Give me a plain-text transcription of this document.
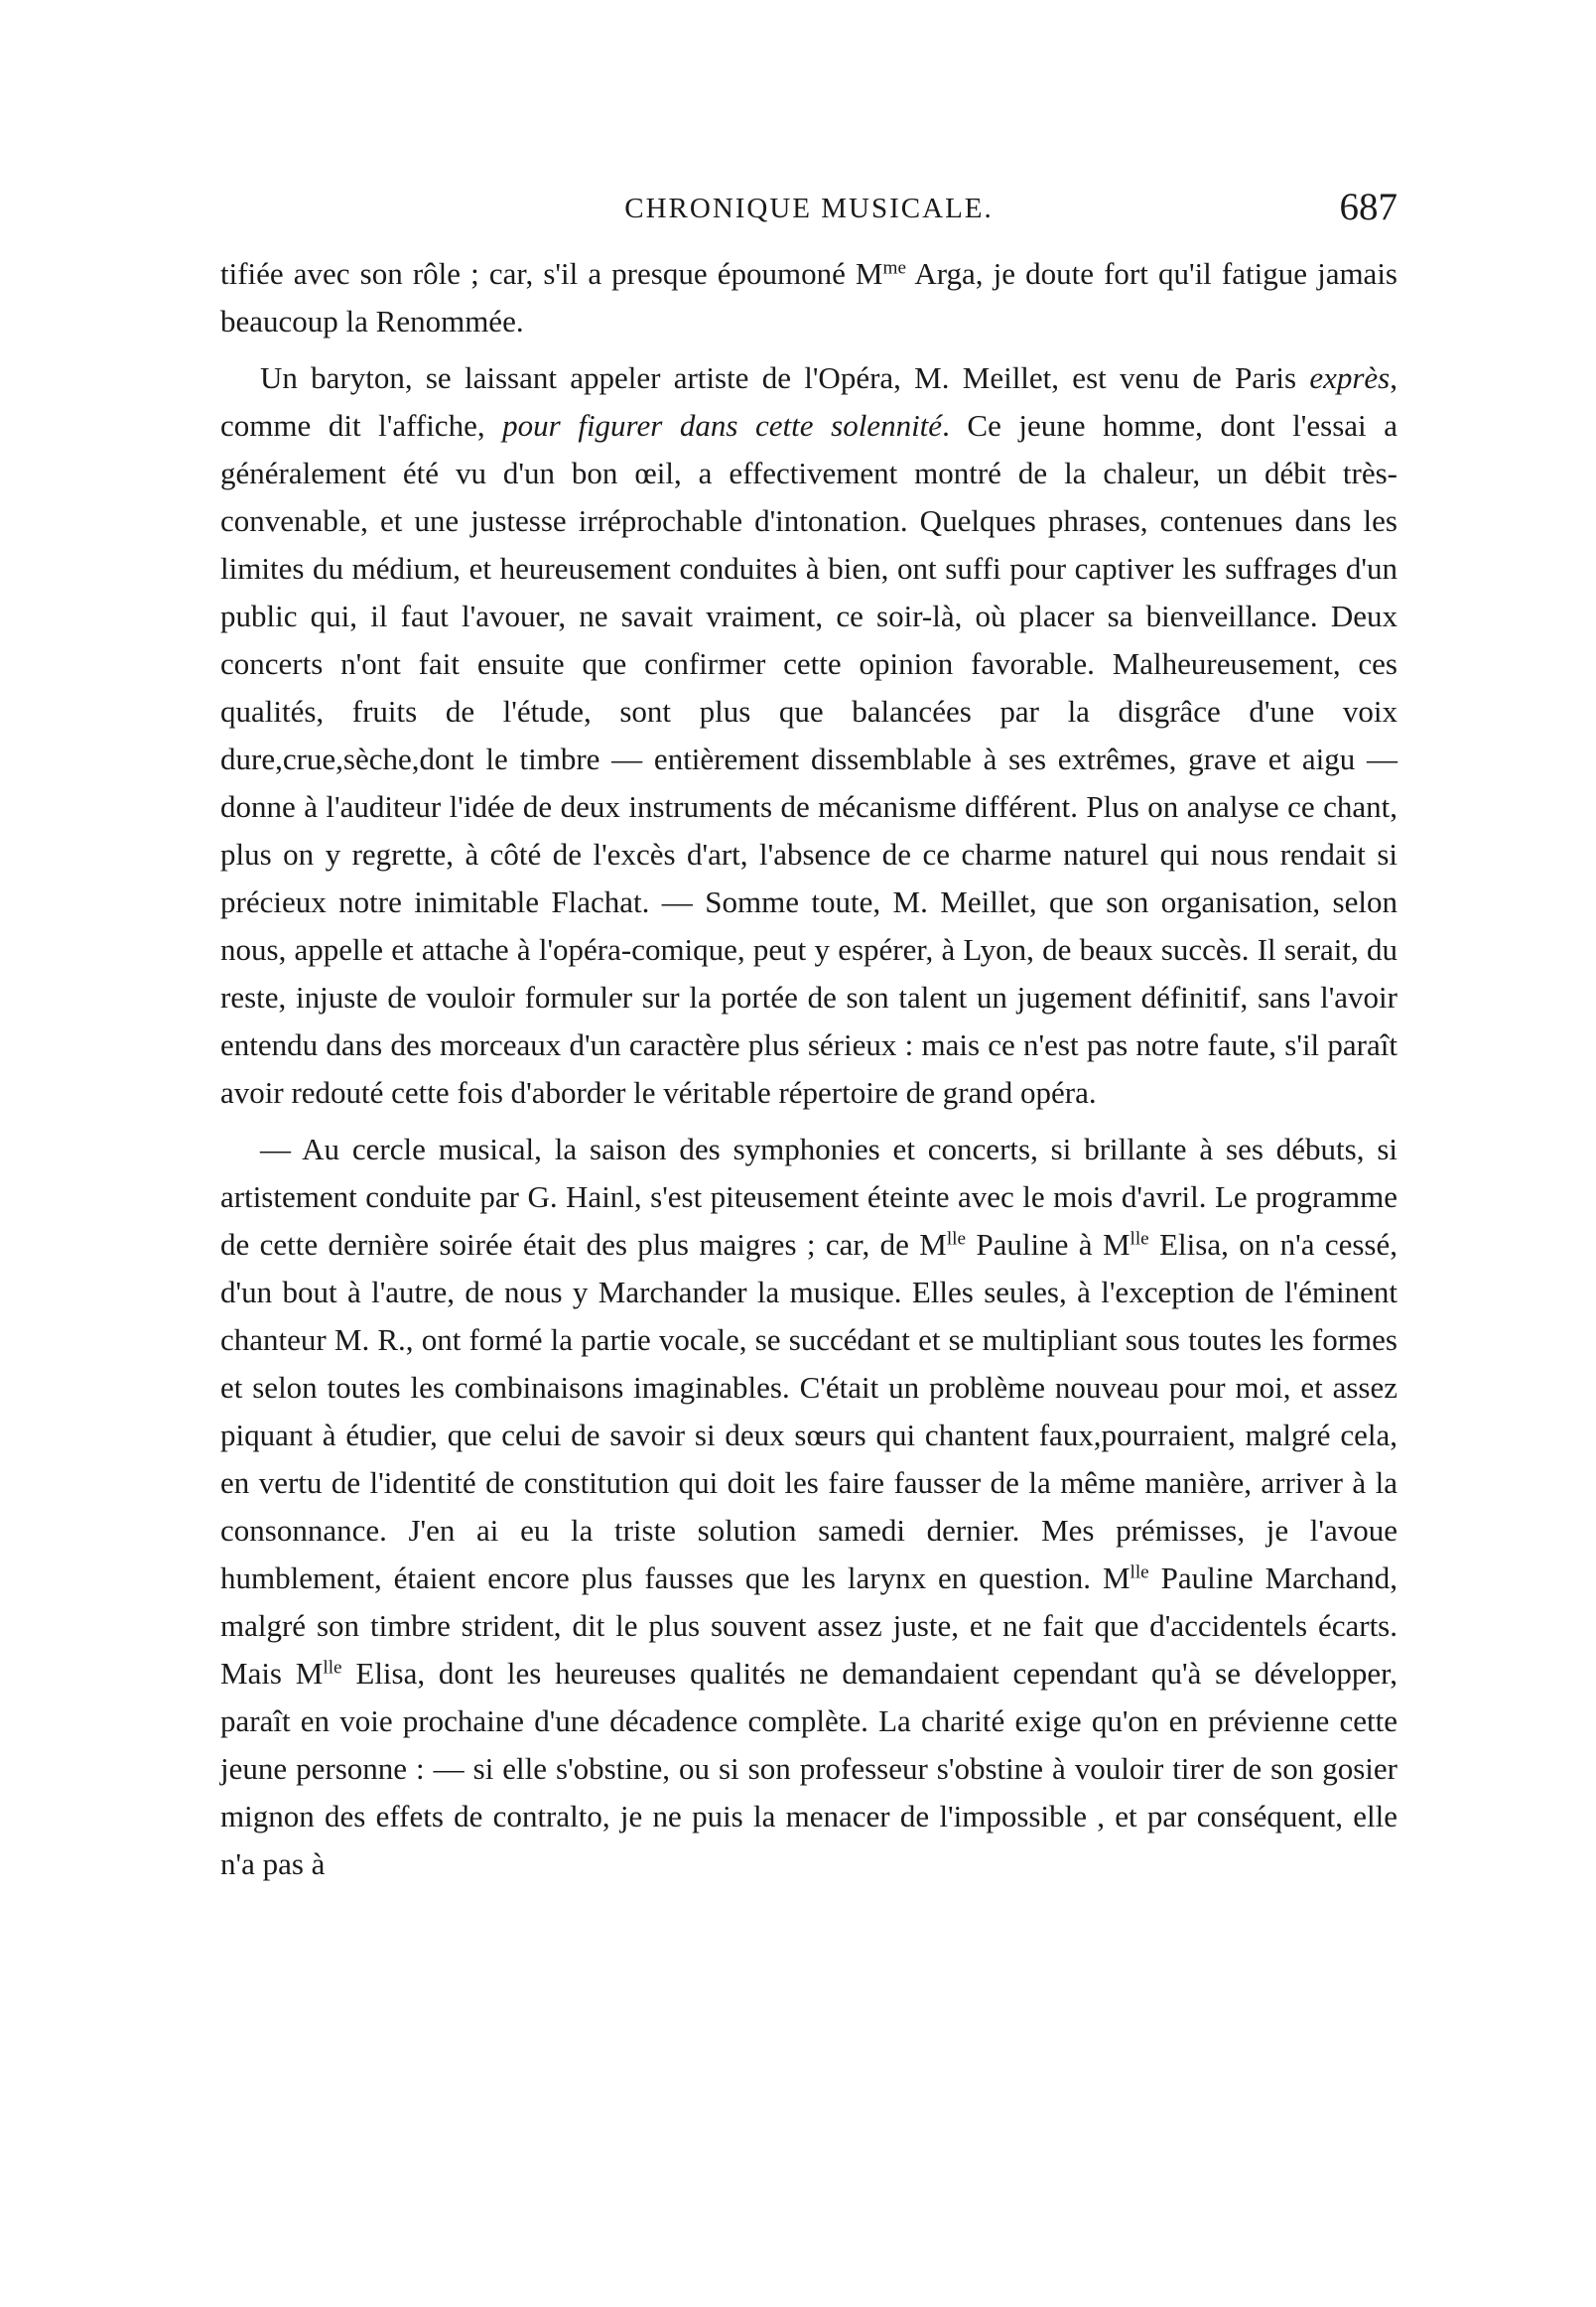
CHRONIQUE MUSICALE.	687

tifiée avec son rôle ; car, s'il a presque époumoné $M^{me}$ Arga, je doute fort qu'il fatigue jamais beaucoup la Renommée.

Un baryton, se laissant appeler artiste de l'Opéra, M. Meillet, est venu de Paris exprès, comme dit l'affiche, pour figurer dans cette solennité. Ce jeune homme, dont l'essai a généralement été vu d'un bon œil, a effectivement montré de la chaleur, un débit très-convenable, et une justesse irréprochable d'intonation. Quelques phrases, contenues dans les limites du médium, et heureusement conduites à bien, ont suffi pour captiver les suffrages d'un public qui, il faut l'avouer, ne savait vraiment, ce soir-là, où placer sa bienveillance. Deux concerts n'ont fait ensuite que confirmer cette opinion favorable. Malheureusement, ces qualités, fruits de l'étude, sont plus que balancées par la disgrâce d'une voix dure,crue,sèche,dont le timbre — entièrement dissemblable à ses extrêmes, grave et aigu — donne à l'auditeur l'idée de deux instruments de mécanisme différent. Plus on analyse ce chant, plus on y regrette, à côté de l'excès d'art, l'absence de ce charme naturel qui nous rendait si précieux notre inimitable Flachat. — Somme toute, M. Meillet, que son organisation, selon nous, appelle et attache à l'opéra-comique, peut y espérer, à Lyon, de beaux succès. Il serait, du reste, injuste de vouloir formuler sur la portée de son talent un jugement définitif, sans l'avoir entendu dans des morceaux d'un caractère plus sérieux : mais ce n'est pas notre faute, s'il paraît avoir redouté cette fois d'aborder le véritable répertoire de grand opéra.

— Au cercle musical, la saison des symphonies et concerts, si brillante à ses débuts, si artistement conduite par G. Hainl, s'est piteusement éteinte avec le mois d'avril. Le programme de cette dernière soirée était des plus maigres ; car, de $M^{lle}$ Pauline à $M^{lle}$ Elisa, on n'a cessé, d'un bout à l'autre, de nous y Marchander la musique. Elles seules, à l'exception de l'éminent chanteur M. R., ont formé la partie vocale, se succédant et se multipliant sous toutes les formes et selon toutes les combinaisons imaginables. C'était un problème nouveau pour moi, et assez piquant à étudier, que celui de savoir si deux sœurs qui chantent faux,pourraient, malgré cela, en vertu de l'identité de constitution qui doit les faire fausser de la même manière, arriver à la consonnance. J'en ai eu la triste solution samedi dernier. Mes prémisses, je l'avoue humblement, étaient encore plus fausses que les larynx en question. $M^{lle}$ Pauline Marchand, malgré son timbre strident, dit le plus souvent assez juste, et ne fait que d'accidentels écarts. Mais $M^{lle}$ Elisa, dont les heureuses qualités ne demandaient cependant qu'à se développer, paraît en voie prochaine d'une décadence complète. La charité exige qu'on en prévienne cette jeune personne : — si elle s'obstine, ou si son professeur s'obstine à vouloir tirer de son gosier mignon des effets de contralto, je ne puis la menacer de l'impossible , et par conséquent, elle n'a pas à
